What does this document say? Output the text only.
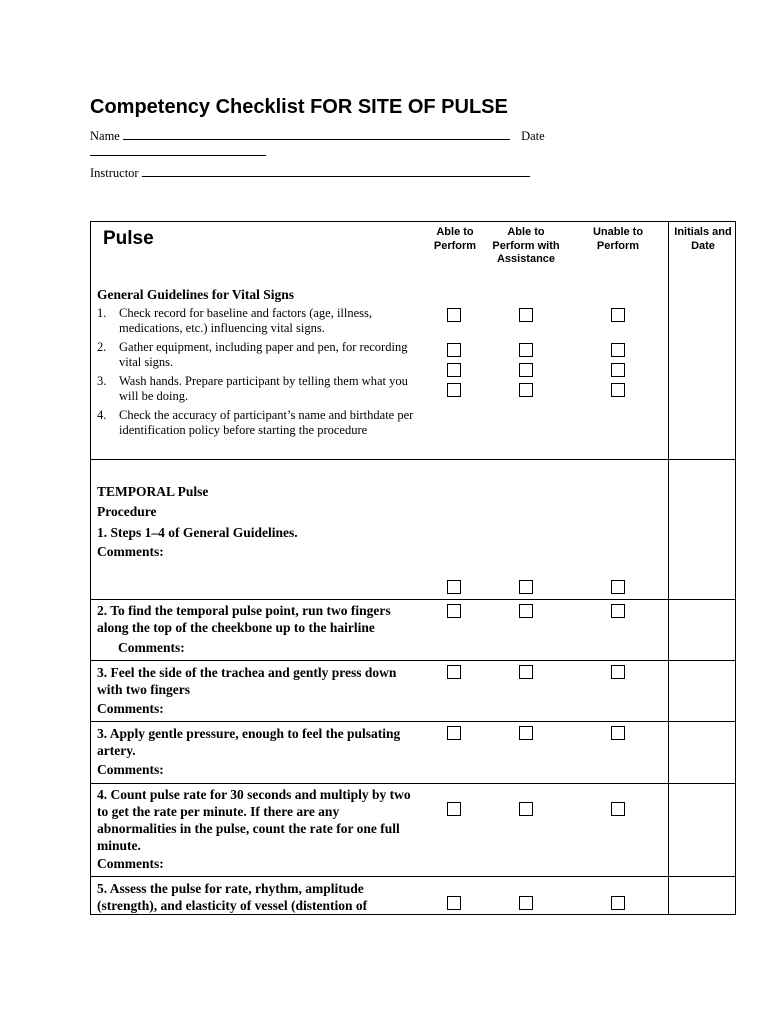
Competency Checklist FOR SITE OF PULSE
Name	Date
Instructor
Pulse	Able to Perform
Able to Perform with Assistance
Unable to Perform
Initials and Date
General Guidelines for Vital Signs
1. Check record for baseline and factors (age, illness, medications, etc.) influencing vital signs.
2. Gather equipment, including paper and pen, for recording vital signs.
3. Wash hands. Prepare participant by telling them what you will be doing.
4. Check the accuracy of participant’s name and birthdate per identification policy before starting the procedure
TEMPORAL Pulse
Procedure
1. Steps 1–4 of General Guidelines.
Comments:
2. To find the temporal pulse point, run two fingers along the top of the cheekbone up to the hairline
Comments:
3. Feel the side of the trachea and gently press down with two fingers
Comments:
3. Apply gentle pressure, enough to feel the pulsating artery.
Comments:
4. Count pulse rate for 30 seconds and multiply by two to get the rate per minute. If there are any abnormalities in the pulse, count the rate for one full minute.
Comments:
5. Assess the pulse for rate, rhythm, amplitude (strength), and elasticity of vessel (distention of
